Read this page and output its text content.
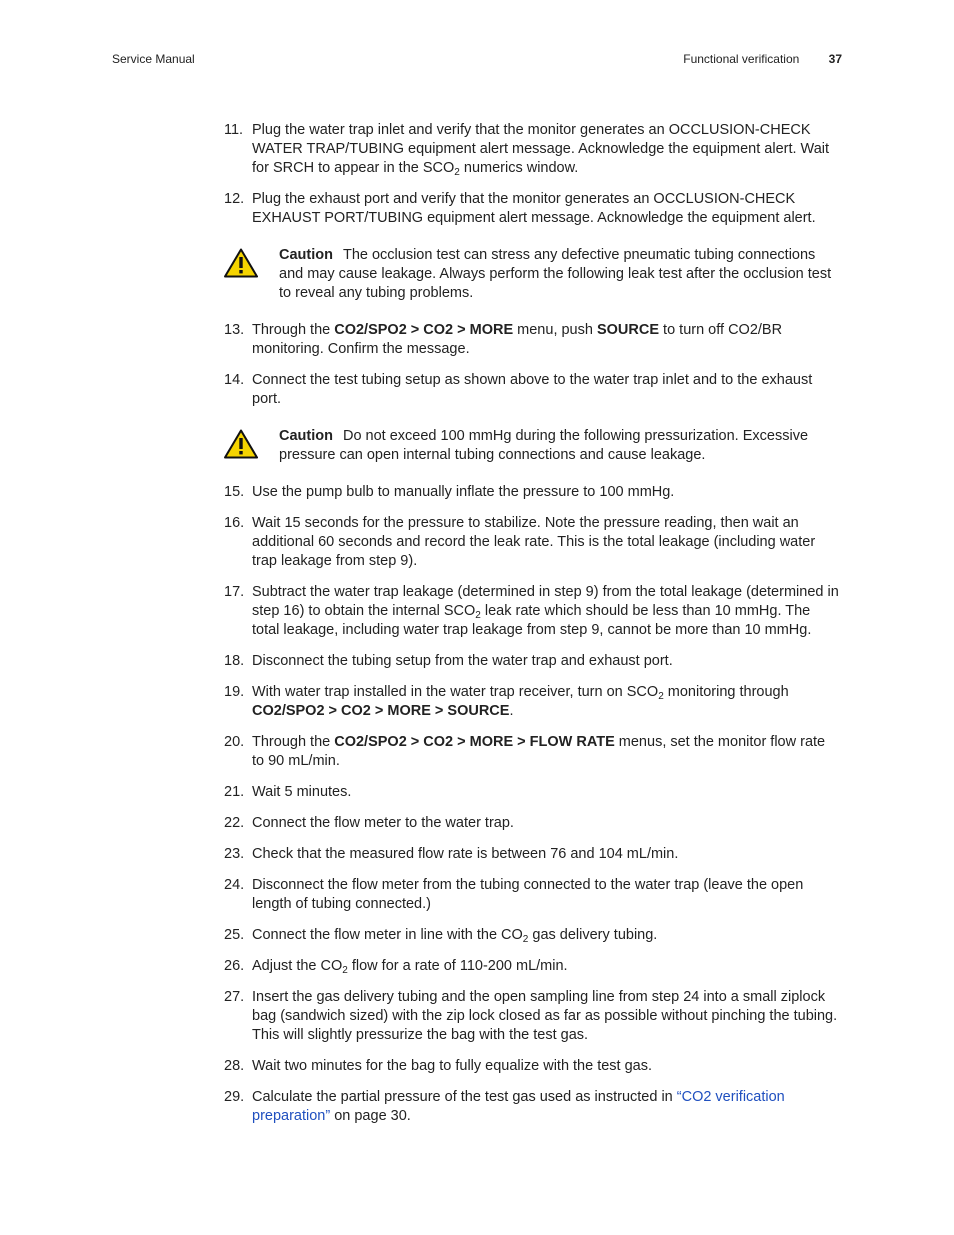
Service Manual	Functional verification 37
11. Plug the water trap inlet and verify that the monitor generates an OCCLUSION-CHECK WATER TRAP/TUBING equipment alert message. Acknowledge the equipment alert. Wait for SRCH to appear in the $SCO_2$ numerics window.
12. Plug the exhaust port and verify that the monitor generates an OCCLUSION-CHECK EXHAUST PORT/TUBING equipment alert message. Acknowledge the equipment alert.
Caution The occlusion test can stress any defective pneumatic tubing connections and may cause leakage. Always perform the following leak test after the occlusion test to reveal any tubing problems.
13. Through the CO2/SPO2 > CO2 > MORE menu, push SOURCE to turn off CO2/BR monitoring. Confirm the message.
14. Connect the test tubing setup as shown above to the water trap inlet and to the exhaust port.
Caution Do not exceed 100 mmHg during the following pressurization. Excessive pressure can open internal tubing connections and cause leakage.
15. Use the pump bulb to manually inflate the pressure to 100 mmHg.
16. Wait 15 seconds for the pressure to stabilize. Note the pressure reading, then wait an additional 60 seconds and record the leak rate. This is the total leakage (including water trap leakage from step 9).
17. Subtract the water trap leakage (determined in step 9) from the total leakage (determined in step 16) to obtain the internal $SCO_2$ leak rate which should be less than 10 mmHg. The total leakage, including water trap leakage from step 9, cannot be more than 10 mmHg.
18. Disconnect the tubing setup from the water trap and exhaust port.
19. With water trap installed in the water trap receiver, turn on $SCO_2$ monitoring through CO2/SPO2 > CO2 > MORE > SOURCE.
20. Through the CO2/SPO2 > CO2 > MORE > FLOW RATE menus, set the monitor flow rate to 90 mL/min.
21. Wait 5 minutes.
22. Connect the flow meter to the water trap.
23. Check that the measured flow rate is between 76 and 104 mL/min.
24. Disconnect the flow meter from the tubing connected to the water trap (leave the open length of tubing connected.)
25. Connect the flow meter in line with the $CO_2$ gas delivery tubing.
26. Adjust the $CO_2$ flow for a rate of 110-200 mL/min.
27. Insert the gas delivery tubing and the open sampling line from step 24 into a small ziplock bag (sandwich sized) with the zip lock closed as far as possible without pinching the tubing. This will slightly pressurize the bag with the test gas.
28. Wait two minutes for the bag to fully equalize with the test gas.
29. Calculate the partial pressure of the test gas used as instructed in “CO2 verification preparation” on page 30.
